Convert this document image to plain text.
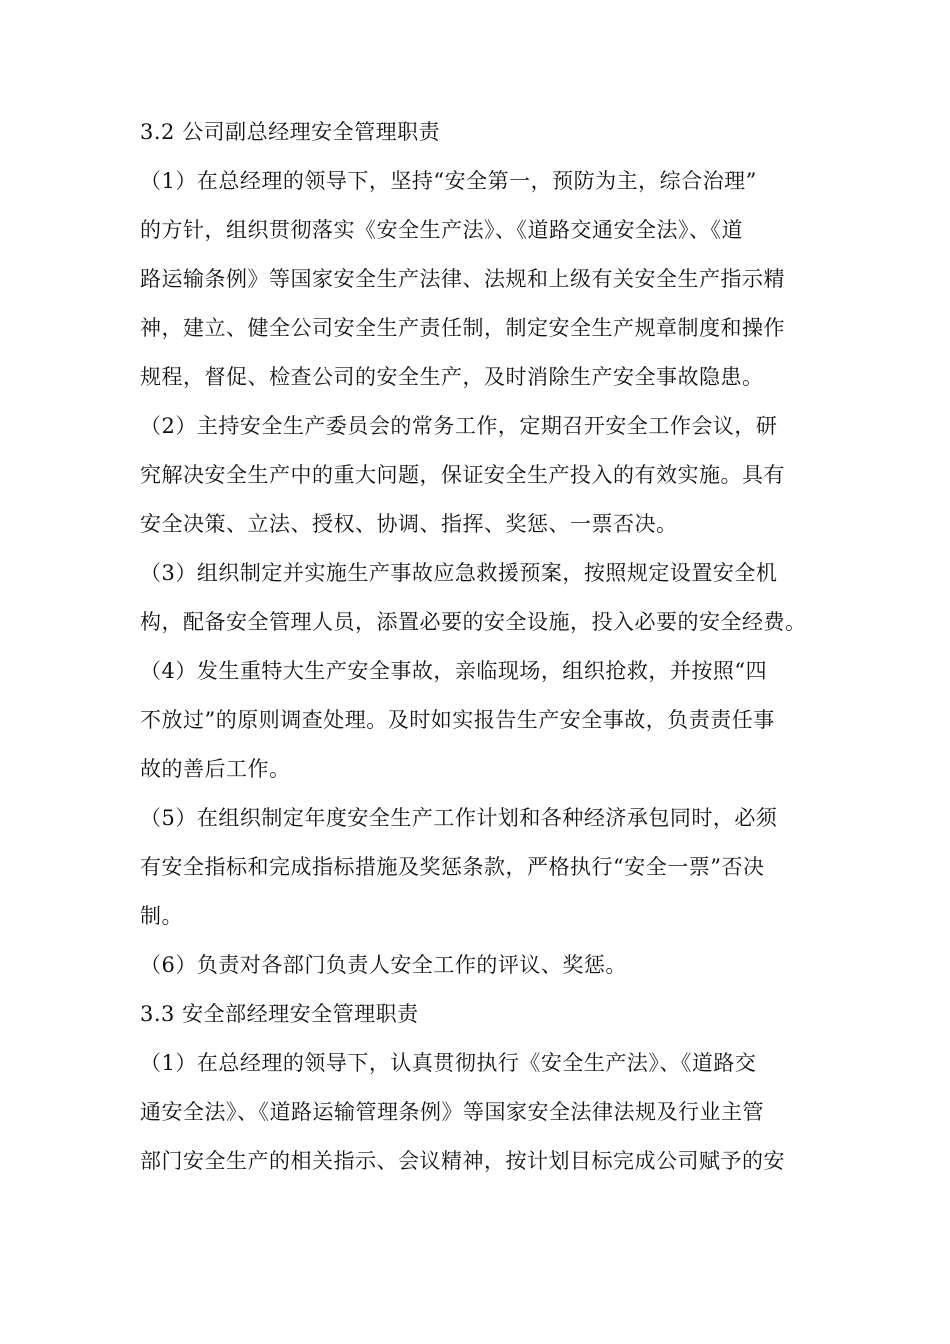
3.2 公司副总经理安全管理职责
（1）在总经理的领导下，坚持“安全第一，预防为主，综合治理”
的方针，组织贯彻落实《安全生产法》、《道路交通安全法》、《道
路运输条例》等国家安全生产法律、法规和上级有关安全生产指示精
神，建立、健全公司安全生产责任制，制定安全生产规章制度和操作
规程，督促、检查公司的安全生产，及时消除生产安全事故隐患。
（2）主持安全生产委员会的常务工作，定期召开安全工作会议，研
究解决安全生产中的重大问题，保证安全生产投入的有效实施。具有
安全决策、立法、授权、协调、指挥、奖惩、一票否决。
（3）组织制定并实施生产事故应急救援预案，按照规定设置安全机
构，配备安全管理人员，添置必要的安全设施，投入必要的安全经费。
（4）发生重特大生产安全事故，亲临现场，组织抢救，并按照“四
不放过”的原则调查处理。及时如实报告生产安全事故，负责责任事
故的善后工作。
（5）在组织制定年度安全生产工作计划和各种经济承包同时，必须
有安全指标和完成指标措施及奖惩条款，严格执行“安全一票”否决
制。
（6）负责对各部门负责人安全工作的评议、奖惩。
3.3 安全部经理安全管理职责
（1）在总经理的领导下，认真贯彻执行《安全生产法》、《道路交
通安全法》、《道路运输管理条例》等国家安全法律法规及行业主管
部门安全生产的相关指示、会议精神，按计划目标完成公司赋予的安
